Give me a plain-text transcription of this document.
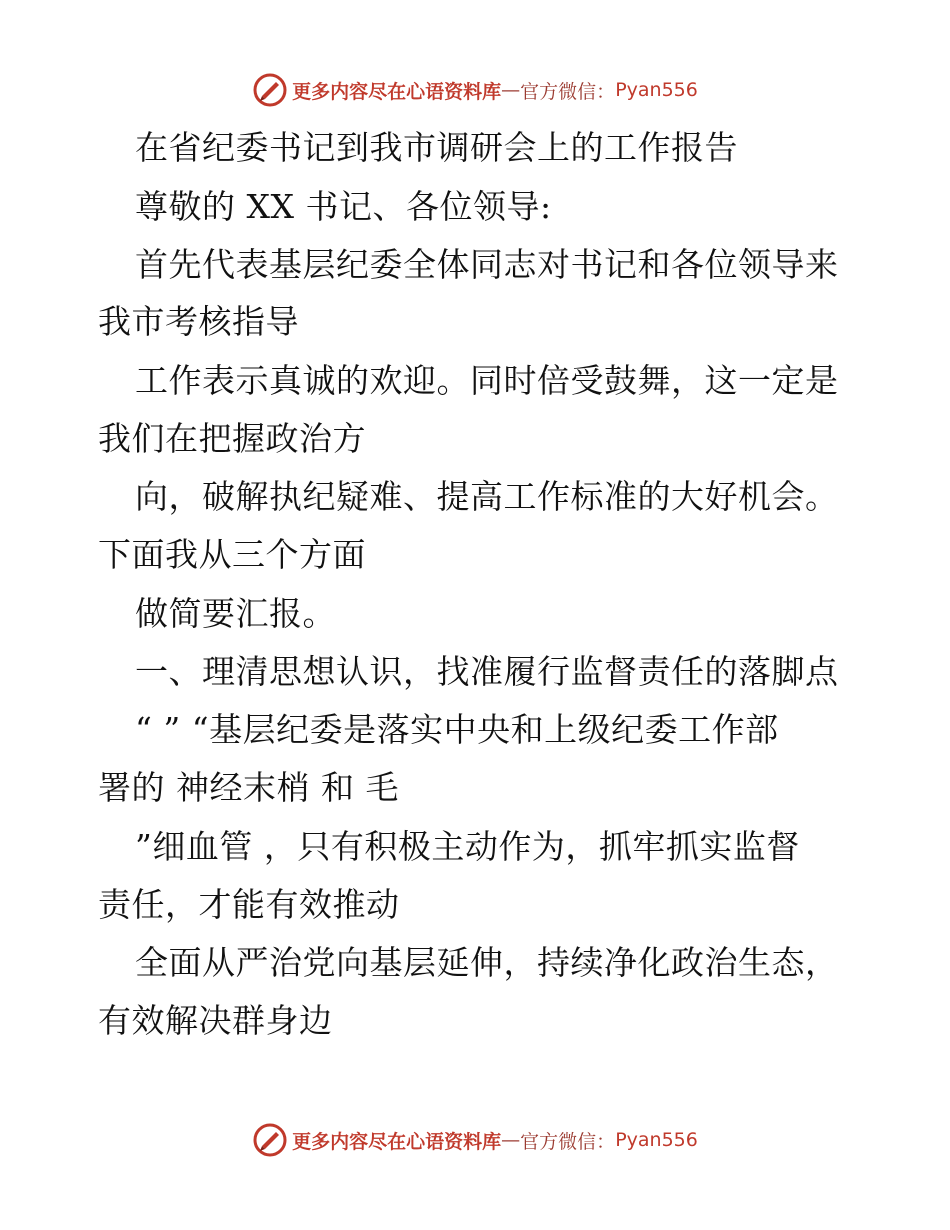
更多内容尽在心语资料库 — 官方微信： Pyan556
在省纪委书记到我市调研会上的工作报告
尊敬的 XX 书记、各位领导:
首先代表基层纪委全体同志对书记和各位领导来
我市考核指导
工作表示真诚的欢迎。同时倍受鼓舞，这一定是
我们在把握政治方
向，破解执纪疑难、提高工作标准的大好机会。
下面我从三个方面
做简要汇报。
一、理清思想认识，找准履行监督责任的落脚点
“ ” “基层纪委是落实中央和上级纪委工作部
署的 神经末梢 和 毛
”细血管 ，只有积极主动作为，抓牢抓实监督
责任，才能有效推动
全面从严治党向基层延伸，持续净化政治生态，
有效解决群身边
更多内容尽在心语资料库 — 官方微信： Pyan556
